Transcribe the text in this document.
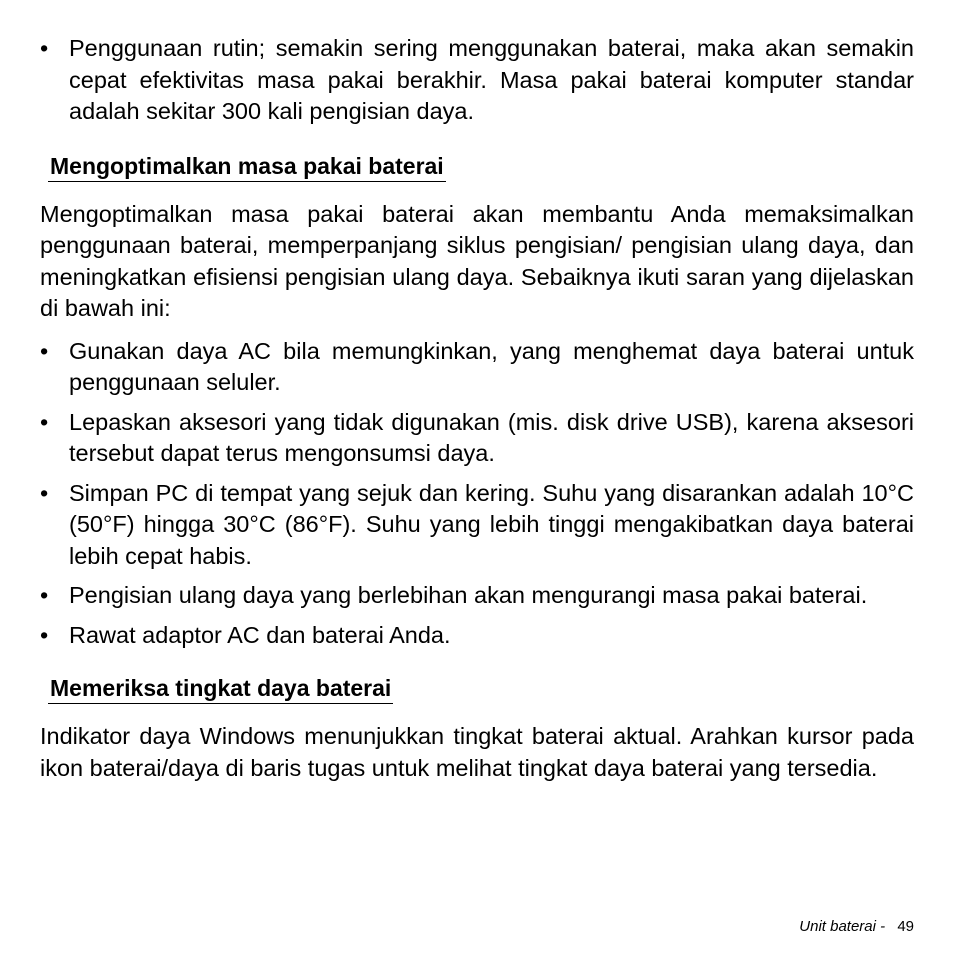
• Penggunaan rutin; semakin sering menggunakan baterai, maka akan semakin cepat efektivitas masa pakai berakhir. Masa pakai baterai komputer standar adalah sekitar 300 kali pengisian daya.
Mengoptimalkan masa pakai baterai

Mengoptimalkan masa pakai baterai akan membantu Anda memaksimalkan penggunaan baterai, memperpanjang siklus pengisian/ pengisian ulang daya, dan meningkatkan efisiensi pengisian ulang daya. Sebaiknya ikuti saran yang dijelaskan di bawah ini:

• Gunakan daya AC bila memungkinkan, yang menghemat daya baterai untuk penggunaan seluler.
• Lepaskan aksesori yang tidak digunakan (mis. disk drive USB), karena aksesori tersebut dapat terus mengonsumsi daya.
• Simpan PC di tempat yang sejuk dan kering. Suhu yang disarankan adalah 10°C (50°F) hingga 30°C (86°F). Suhu yang lebih tinggi mengakibatkan daya baterai lebih cepat habis.
• Pengisian ulang daya yang berlebihan akan mengurangi masa pakai baterai.
• Rawat adaptor AC dan baterai Anda.
Memeriksa tingkat daya baterai

Indikator daya Windows menunjukkan tingkat baterai aktual. Arahkan kursor pada ikon baterai/daya di baris tugas untuk melihat tingkat daya baterai yang tersedia.

Unit baterai - 49
